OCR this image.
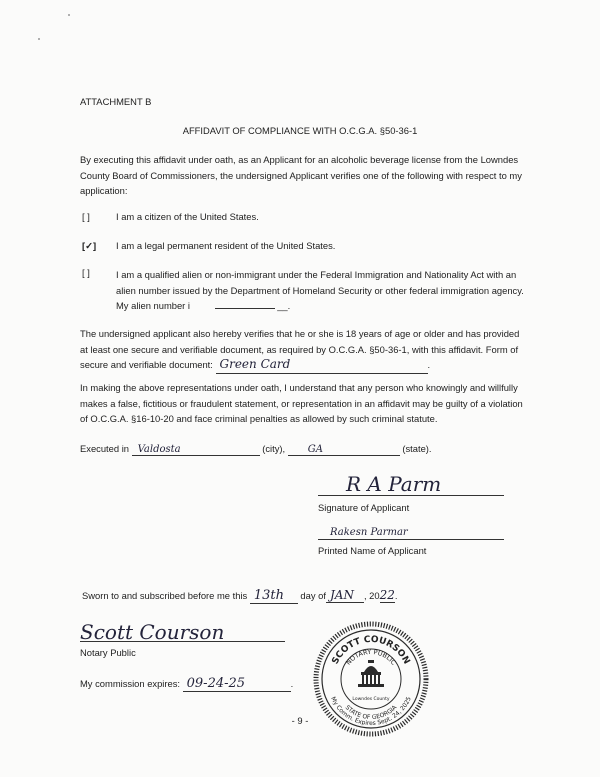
ATTACHMENT B
AFFIDAVIT OF COMPLIANCE WITH O.C.G.A. §50-36-1
By executing this affidavit under oath, as an Applicant for an alcoholic beverage license from the Lowndes County Board of Commissioners, the undersigned Applicant verifies one of the following with respect to my application:
[ ]	I am a citizen of the United States.
[✓] I am a legal permanent resident of the United States.
[ ]	I am a qualified alien or non-immigrant under the Federal Immigration and Nationality Act with an alien number issued by the Department of Homeland Security or other federal immigration agency. My alien number i	__.
The undersigned applicant also hereby verifies that he or she is 18 years of age or older and has provided at least one secure and verifiable document, as required by O.C.G.A. §50-36-1, with this affidavit. Form of secure and verifiable document: Green Card	.
In making the above representations under oath, I understand that any person who knowingly and willfully makes a false, fictitious or fraudulent statement, or representation in an affidavit may be guilty of a violation of O.C.G.A. §16-10-20 and face criminal penalties as allowed by such criminal statute.
Executed in Valdosta	(city), GA	(state).
R A Parm
Signature of Applicant
Rakesn Parmar
Printed Name of Applicant
Sworn to and subscribed before me this 13th day of JAN , 2022.
Scott Courson
Notary Public
My commission expires: 09-24-25	.
SCOTT COURSON
NOTARY PUBLIC
My Comm. Expires Sept. 24, 2025
STATE OF GEORGIA
Lowndes County
- 9 -
